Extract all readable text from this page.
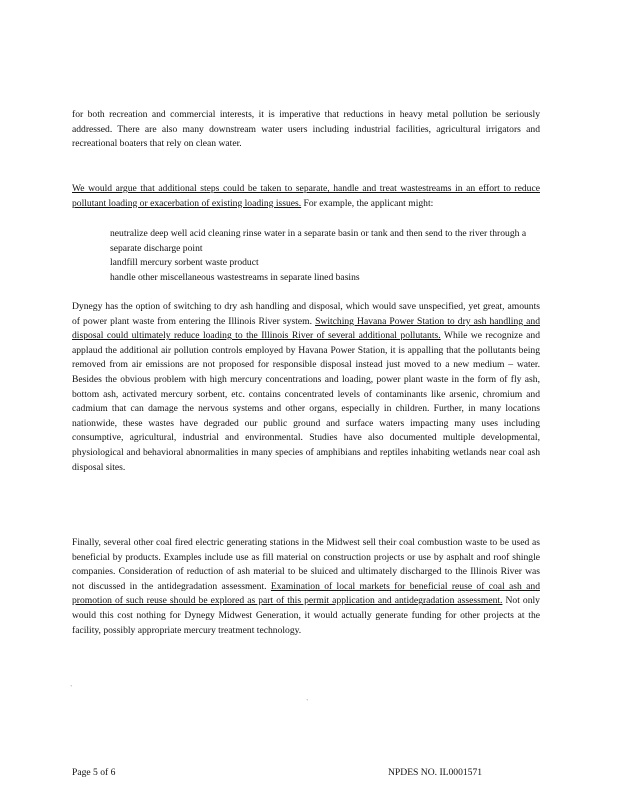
for both recreation and commercial interests, it is imperative that reductions in heavy metal pollution be seriously addressed. There are also many downstream water users including industrial facilities, agricultural irrigators and recreational boaters that rely on clean water.

We would argue that additional steps could be taken to separate, handle and treat wastestreams in an effort to reduce pollutant loading or exacerbation of existing loading issues. For example, the applicant might:

neutralize deep well acid cleaning rinse water in a separate basin or tank and then send to the river through a separate discharge point
landfill mercury sorbent waste product
handle other miscellaneous wastestreams in separate lined basins

Dynegy has the option of switching to dry ash handling and disposal, which would save unspecified, yet great, amounts of power plant waste from entering the Illinois River system. Switching Havana Power Station to dry ash handling and disposal could ultimately reduce loading to the Illinois River of several additional pollutants. While we recognize and applaud the additional air pollution controls employed by Havana Power Station, it is appalling that the pollutants being removed from air emissions are not proposed for responsible disposal instead just moved to a new medium – water. Besides the obvious problem with high mercury concentrations and loading, power plant waste in the form of fly ash, bottom ash, activated mercury sorbent, etc. contains concentrated levels of contaminants like arsenic, chromium and cadmium that can damage the nervous systems and other organs, especially in children. Further, in many locations nationwide, these wastes have degraded our public ground and surface waters impacting many uses including consumptive, agricultural, industrial and environmental. Studies have also documented multiple developmental, physiological and behavioral abnormalities in many species of amphibians and reptiles inhabiting wetlands near coal ash disposal sites.

Finally, several other coal fired electric generating stations in the Midwest sell their coal combustion waste to be used as beneficial by products. Examples include use as fill material on construction projects or use by asphalt and roof shingle companies. Consideration of reduction of ash material to be sluiced and ultimately discharged to the Illinois River was not discussed in the antidegradation assessment. Examination of local markets for beneficial reuse of coal ash and promotion of such reuse should be explored as part of this permit application and antidegradation assessment. Not only would this cost nothing for Dynegy Midwest Generation, it would actually generate funding for other projects at the facility, possibly appropriate mercury treatment technology.

`
`
Page 5 of 6	NPDES NO. IL0001571
